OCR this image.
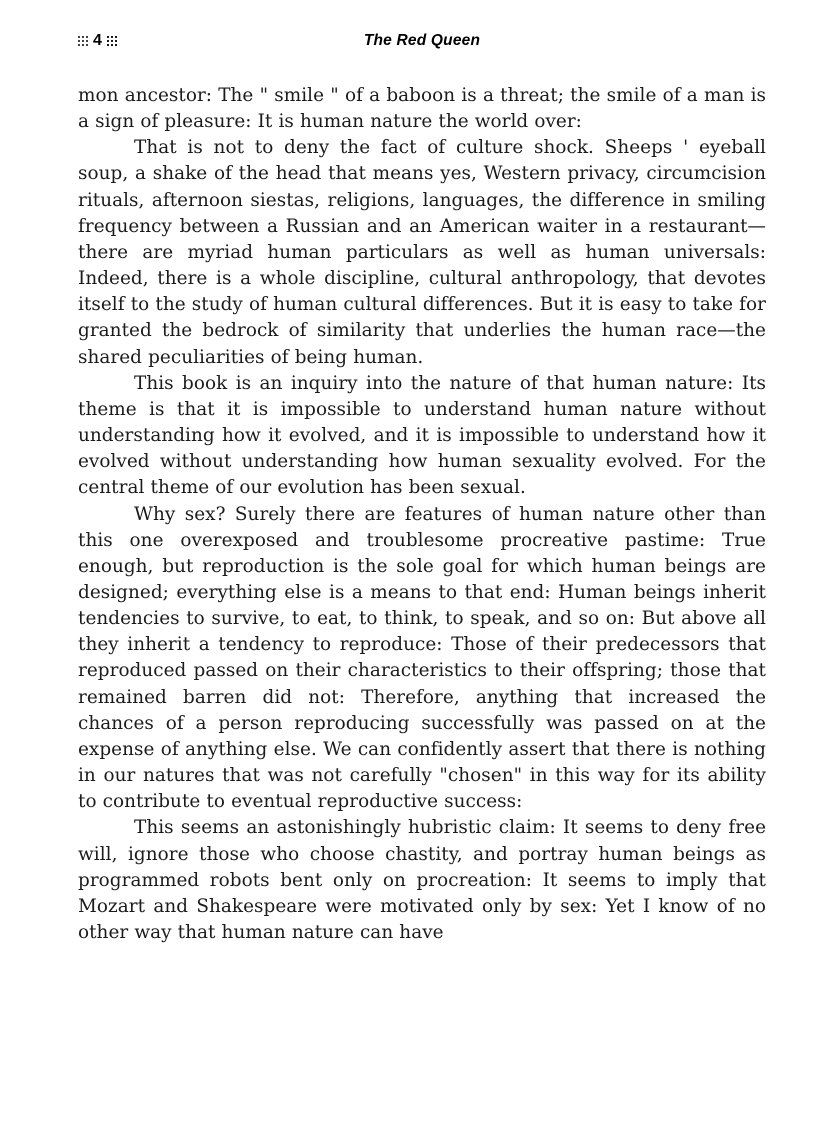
4	The Red Queen

mon ancestor: The " smile " of a baboon is a threat; the smile of a man is a sign of pleasure: It is human nature the world over:

That is not to deny the fact of culture shock. Sheeps ' eyeball soup, a shake of the head that means yes, Western privacy, circumcision rituals, afternoon siestas, religions, languages, the difference in smiling frequency between a Russian and an American waiter in a restaurant—there are myriad human particulars as well as human universals: Indeed, there is a whole discipline, cultural anthropology, that devotes itself to the study of human cultural differences. But it is easy to take for granted the bedrock of similarity that underlies the human race—the shared peculiarities of being human.

This book is an inquiry into the nature of that human nature: Its theme is that it is impossible to understand human nature without understanding how it evolved, and it is impossible to understand how it evolved without understanding how human sexuality evolved. For the central theme of our evolution has been sexual.

Why sex? Surely there are features of human nature other than this one overexposed and troublesome procreative pastime: True enough, but reproduction is the sole goal for which human beings are designed; everything else is a means to that end: Human beings inherit tendencies to survive, to eat, to think, to speak, and so on: But above all they inherit a tendency to reproduce: Those of their predecessors that reproduced passed on their characteristics to their offspring; those that remained barren did not: Therefore, anything that increased the chances of a person reproducing successfully was passed on at the expense of anything else. We can confidently assert that there is nothing in our natures that was not carefully "chosen" in this way for its ability to contribute to eventual reproductive success:

This seems an astonishingly hubristic claim: It seems to deny free will, ignore those who choose chastity, and portray human beings as programmed robots bent only on procreation: It seems to imply that Mozart and Shakespeare were motivated only by sex: Yet I know of no other way that human nature can have
